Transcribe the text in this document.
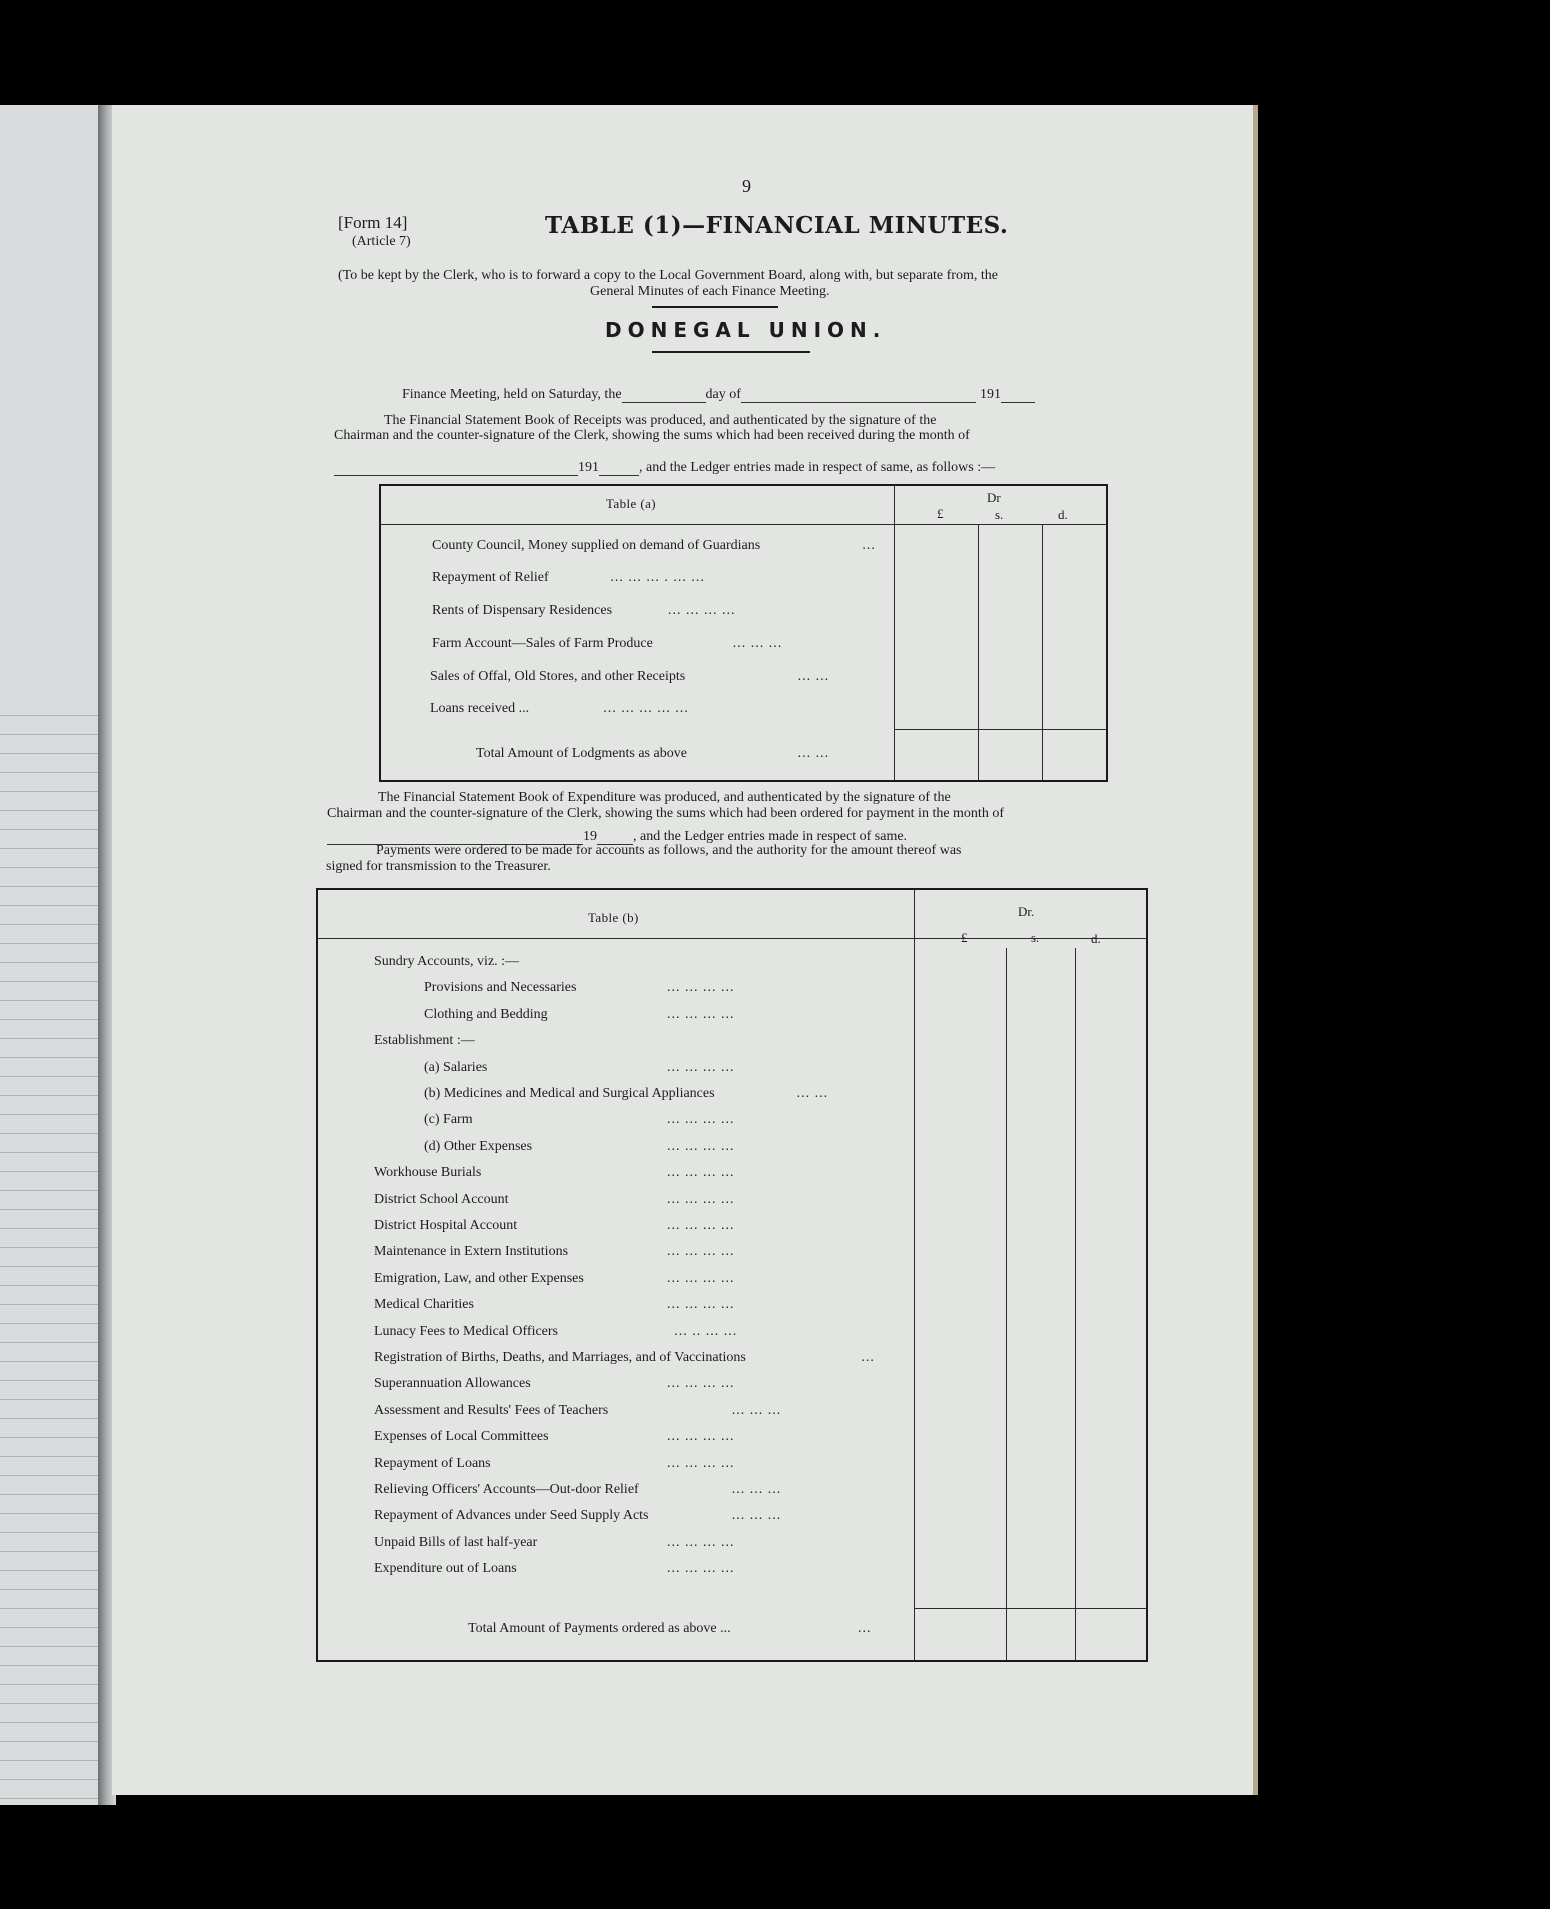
9
[Form 14]
(Article 7)
TABLE (1)—FINANCIAL MINUTES.
(To be kept by the Clerk, who is to forward a copy to the Local Government Board, along with, but separate from, the
General Minutes of each Finance Meeting.
DONEGAL UNION.
Finance Meeting, held on Saturday, the	day of	191
The Financial Statement Book of Receipts was produced, and authenticated by the signature of the
Chairman and the counter-signature of the Clerk, showing the sums which had been received during the month of
191	, and the Ledger entries made in respect of same, as follows :—
Table (a)	Dr
£	s.	d.
County Council, Money supplied on demand of Guardians	...
Repayment of Relief	... ... ... . ... ...
Rents of Dispensary Residences	... ... ... ...
Farm Account—Sales of Farm Produce	... ... ...
Sales of Offal, Old Stores, and other Receipts	... ...
Loans received ...	... ... ... ... ...
Total Amount of Lodgments as above	... ...
The Financial Statement Book of Expenditure was produced, and authenticated by the signature of the
Chairman and the counter-signature of the Clerk, showing the sums which had been ordered for payment in the month of
19	, and the Ledger entries made in respect of same.
Payments were ordered to be made for accounts as follows, and the authority for the amount thereof was
signed for transmission to the Treasurer.
Table (b)	Dr.
Sundry Accounts, viz. :—
Provisions and Necessaries	... ... ... ...
Clothing and Bedding	... ... ... ...
Establishment :—
(a) Salaries	... ... ... ...
(b) Medicines and Medical and Surgical Appliances	... ...
(c) Farm	... ... ... ...
(d) Other Expenses	... ... ... ...
Workhouse Burials	... ... ... ...
District School Account	... ... ... ...
District Hospital Account	... ... ... ...
Maintenance in Extern Institutions	... ... ... ...
Emigration, Law, and other Expenses	... ... ... ...
Medical Charities	... ... ... ...
Lunacy Fees to Medical Officers	... .. ... ...
Registration of Births, Deaths, and Marriages, and of Vaccinations	...
Superannuation Allowances	... ... ... ...
Assessment and Results' Fees of Teachers	... ... ...
Expenses of Local Committees	... ... ... ...
Repayment of Loans	... ... ... ...
Relieving Officers' Accounts—Out-door Relief	... ... ...
Repayment of Advances under Seed Supply Acts	... ... ...
Unpaid Bills of last half-year	... ... ... ...
Expenditure out of Loans	... ... ... ...
Total Amount of Payments ordered as above ...	...
